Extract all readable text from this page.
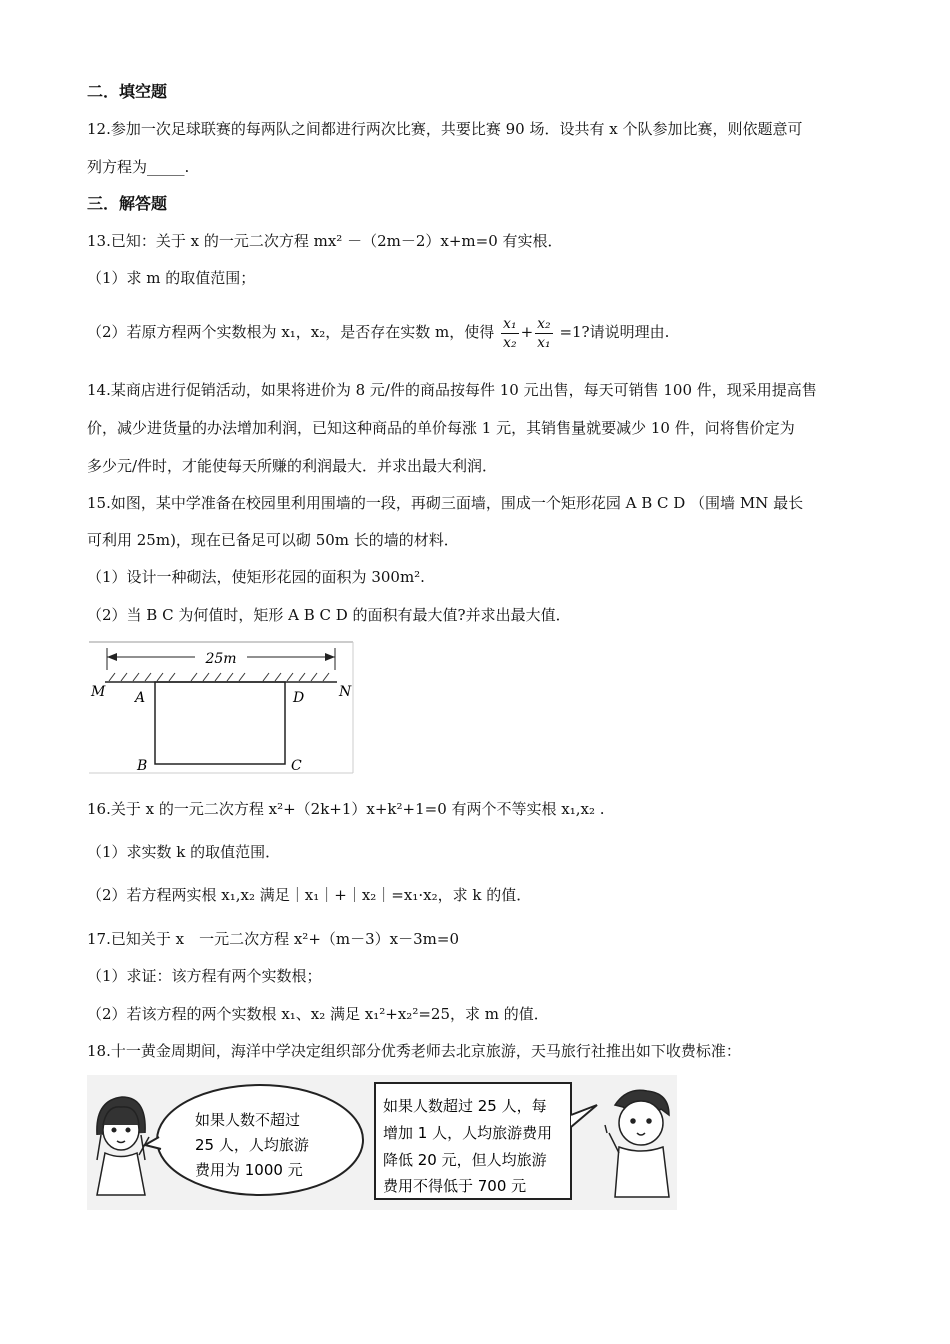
二．填空题
12.参加一次足球联赛的每两队之间都进行两次比赛，共要比赛 90 场．设共有 x 个队参加比赛，则依题意可
列方程为_____.
三．解答题
13.已知：关于 x 的一元二次方程 mx² －（2m－2）x+m=0 有实根．
（1）求 m 的取值范围；
（2）若原方程两个实数根为 x₁，x₂，是否存在实数 m，使得 $\frac{\text{x₁}}{\text{x₂}} + \frac{\text{x₂}}{\text{x₁}} =1$?请说明理由.
14.某商店进行促销活动，如果将进价为 8 元/件的商品按每件 10 元出售，每天可销售 100 件，现采用提高售
价，减少进货量的办法增加利润，已知这种商品的单价每涨 1 元，其销售量就要减少 10 件，问将售价定为
多少元/件时，才能使每天所赚的利润最大．并求出最大利润．
15.如图，某中学准备在校园里利用围墙的一段，再砌三面墙，围成一个矩形花园 A B C D （围墙 MN 最长
可利用 25m)，现在已备足可以砌 50m 长的墙的材料．
（1）设计一种砌法，使矩形花园的面积为 300m².
（2）当 B C 为何值时，矩形 A B C D 的面积有最大值?并求出最大值．
25m
M	N
A	D
B	C
16.关于 x 的一元二次方程 x²+（2k+1）x+k²+1=0 有两个不等实根 x₁,x₂ .
（1）求实数 k 的取值范围．
（2）若方程两实根 x₁,x₂ 满足｜x₁｜+｜x₂｜=x₁·x₂，求 k 的值．
17.已知关于 x　一元二次方程 x²+（m－3）x－3m=0
（1）求证：该方程有两个实数根；
（2）若该方程的两个实数根 x₁、x₂ 满足 x₁²+x₂²=25，求 m 的值．
18.十一黄金周期间，海洋中学决定组织部分优秀老师去北京旅游，天马旅行社推出如下收费标准：
如果人数不超过
25 人，人均旅游
费用为 1000 元
如果人数超过 25 人，每
增加 1 人，人均旅游费用
降低 20 元，但人均旅游
费用不得低于 700 元
